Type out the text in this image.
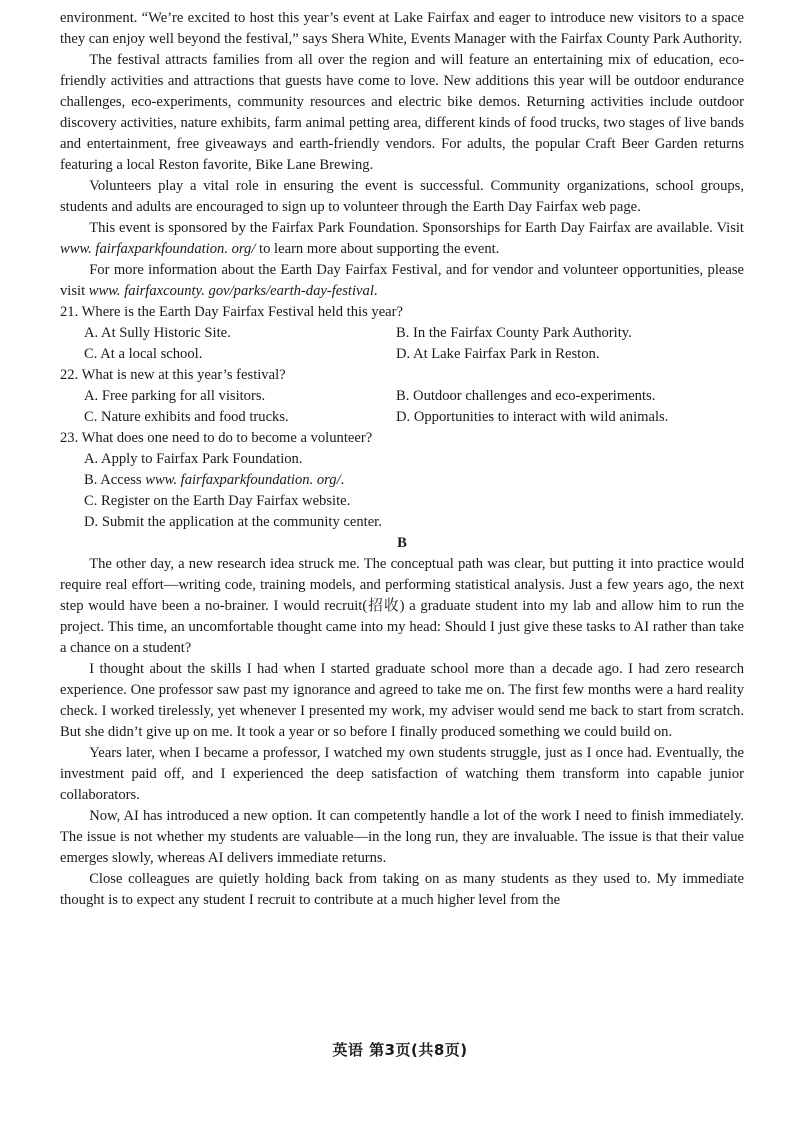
environment. “We’re excited to host this year’s event at Lake Fairfax and eager to introduce new visitors to a space they can enjoy well beyond the festival,” says Shera White, Events Manager with the Fairfax County Park Authority.

The festival attracts families from all over the region and will feature an entertaining mix of education, eco-friendly activities and attractions that guests have come to love. New additions this year will be outdoor endurance challenges, eco-experiments, community resources and electric bike demos. Returning activities include outdoor discovery activities, nature exhibits, farm animal petting area, different kinds of food trucks, two stages of live bands and entertainment, free giveaways and earth-friendly vendors. For adults, the popular Craft Beer Garden returns featuring a local Reston favorite, Bike Lane Brewing.

Volunteers play a vital role in ensuring the event is successful. Community organizations, school groups, students and adults are encouraged to sign up to volunteer through the Earth Day Fairfax web page.

This event is sponsored by the Fairfax Park Foundation. Sponsorships for Earth Day Fairfax are available. Visit www. fairfaxparkfoundation. org/ to learn more about supporting the event.

For more information about the Earth Day Fairfax Festival, and for vendor and volunteer opportunities, please visit www. fairfaxcounty. gov/parks/earth-day-festival.

21. Where is the Earth Day Fairfax Festival held this year?

A. At Sully Historic Site.	B. In the Fairfax County Park Authority.
C. At a local school.	D. At Lake Fairfax Park in Reston.

22. What is new at this year’s festival?

A. Free parking for all visitors.	B. Outdoor challenges and eco-experiments.
C. Nature exhibits and food trucks.	D. Opportunities to interact with wild animals.

23. What does one need to do to become a volunteer?

A. Apply to Fairfax Park Foundation.
B. Access www. fairfaxparkfoundation. org/.
C. Register on the Earth Day Fairfax website.
D. Submit the application at the community center.

B

The other day, a new research idea struck me. The conceptual path was clear, but putting it into practice would require real effort—writing code, training models, and performing statistical analysis. Just a few years ago, the next step would have been a no-brainer. I would recruit(招收) a graduate student into my lab and allow him to run the project. This time, an uncomfortable thought came into my head: Should I just give these tasks to AI rather than take a chance on a student?

I thought about the skills I had when I started graduate school more than a decade ago. I had zero research experience. One professor saw past my ignorance and agreed to take me on. The first few months were a hard reality check. I worked tirelessly, yet whenever I presented my work, my adviser would send me back to start from scratch. But she didn’t give up on me. It took a year or so before I finally produced something we could build on.

Years later, when I became a professor, I watched my own students struggle, just as I once had. Eventually, the investment paid off, and I experienced the deep satisfaction of watching them transform into capable junior collaborators.

Now, AI has introduced a new option. It can competently handle a lot of the work I need to finish immediately. The issue is not whether my students are valuable—in the long run, they are invaluable. The issue is that their value emerges slowly, whereas AI delivers immediate returns.

Close colleagues are quietly holding back from taking on as many students as they used to. My immediate thought is to expect any student I recruit to contribute at a much higher level from the

英语 第3页(共8页)
